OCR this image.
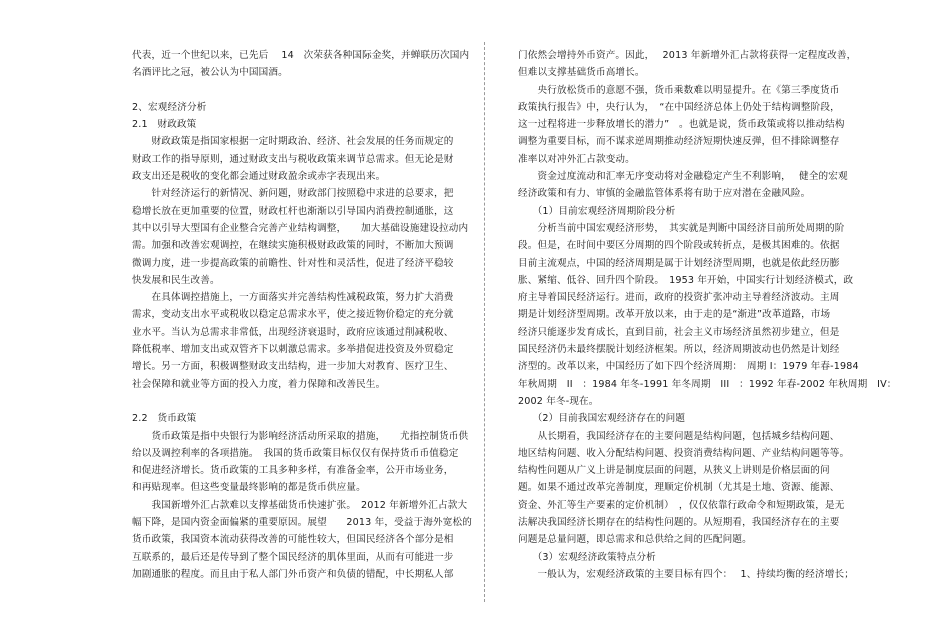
代表，近一个世纪以来，已先后　 14　次荣获各种国际金奖，并蝉联历次国内
名酒评比之冠，被公认为中国国酒。
2、宏观经济分析
2.1　财政政策
　　财政政策是指国家根据一定时期政治、经济、社会发展的任务而规定的
财政工作的指导原则，通过财政支出与税收政策来调节总需求。但无论是财
政支出还是税收的变化都会通过财政盈余或赤字表现出来。
　　针对经济运行的新情况、新问题，财政部门按照稳中求进的总要求，把
稳增长放在更加重要的位置，财政杠杆也渐渐以引导国内消费控制通胀，这
其中以引导大型国有企业整合完善产业结构调整，　　加大基础设施建设拉动内
需。加强和改善宏观调控，在继续实施积极财政政策的同时，不断加大预调
微调力度，进一步提高政策的前瞻性、针对性和灵活性，促进了经济平稳较
快发展和民生改善。
　　在具体调控措施上，一方面落实并完善结构性减税政策，努力扩大消费
需求，变动支出水平或税收以稳定总需求水平，使之接近物价稳定的充分就
业水平。当认为总需求非常低，出现经济衰退时，政府应该通过削减税收、
降低税率、增加支出或双管齐下以刺激总需求。多举措促进投资及外贸稳定
增长。另一方面，积极调整财政支出结构，进一步加大对教育、医疗卫生、
社会保障和就业等方面的投入力度，着力保障和改善民生。
2.2　货币政策
　　货币政策是指中央银行为影响经济活动所采取的措施，　　尤指控制货币供
给以及调控利率的各项措施。　我国的货币政策目标仅仅有保持货币币值稳定
和促进经济增长。货币政策的工具多种多样，有准备金率，公开市场业务，
和再贴现率。但这些变量最终影响的都是货币供应量。
　　我国新增外汇占款难以支撑基础货币快速扩张。　2012 年新增外汇占款大
幅下降，是国内资金面偏紧的重要原因。展望　　2013 年，受益于海外宽松的
货币政策，我国资本流动获得改善的可能性较大，但国民经济各个部分是相
互联系的，最后还是传导到了整个国民经济的肌体里面，从而有可能进一步
加剧通胀的程度。而且由于私人部门外币资产和负债的错配，中长期私人部
门依然会增持外币资产。因此，　 2013 年新增外汇占款将获得一定程度改善，
但难以支撑基础货币高增长。
　　央行放松货币的意愿不强，货币乘数难以明显提升。在《第三季度货币
政策执行报告》中，央行认为，　“在中国经济总体上仍处于结构调整阶段，
这一过程将进一步释放增长的潜力”　。也就是说，货币政策或将以推动结构
调整为重要目标，而不谋求逆周期推动经济短期快速反弹，但不排除调整存
准率以对冲外汇占款变动。
　　资金过度流动和汇率无序变动将对金融稳定产生不利影响，　 健全的宏观
经济政策和有力、审慎的金融监管体系将有助于应对潜在金融风险。
　　（1）目前宏观经济周期阶段分析
　　分析当前中国宏观经济形势，　其实就是判断中国经济目前所处周期的阶
段。但是，在时间中要区分周期的四个阶段或转折点，是极其困难的。依据
目前主流观点，中国的经济周期是属于计划经济型周期，也就是依此经历膨
胀、紧缩、低谷、回升四个阶段。　1953 年开始，中国实行计划经济模式，政
府主导着国民经济运行。进而，政府的投资扩张冲动主导着经济波动。主周
期是计划经济型周期。改革开放以来，由于走的是“渐进”改革道路，市场
经济只能逐步发育成长，直到目前，社会主义市场经济虽然初步建立，但是
国民经济仍未最终摆脱计划经济框架。所以，经济周期波动也仍然是计划经
济型的。改革以来，中国经历了如下四个经济周期：　周期 I：1979 年春-1984
年秋周期　II　：1984 年冬-1991 年冬周期　III　：1992 年春-2002 年秋周期　IV：
2002 年冬-现在。
　　（2）目前我国宏观经济存在的问题
　　从长期看，我国经济存在的主要问题是结构问题，包括城乡结构问题、
地区结构问题、收入分配结构问题、投资消费结构问题、产业结构问题等等。
结构性问题从广义上讲是制度层面的问题，从狭义上讲则是价格层面的问
题。如果不通过改革完善制度，理顺定价机制（尤其是土地、资源、能源、
资金、外汇等生产要素的定价机制）　，仅仅依靠行政命令和短期政策，是无
法解决我国经济长期存在的结构性问题的。从短期看，我国经济存在的主要
问题是总量问题，即总需求和总供给之间的匹配问题。
　　（3）宏观经济政策特点分析
　　一般认为，宏观经济政策的主要目标有四个：　 1、持续均衡的经济增长；
